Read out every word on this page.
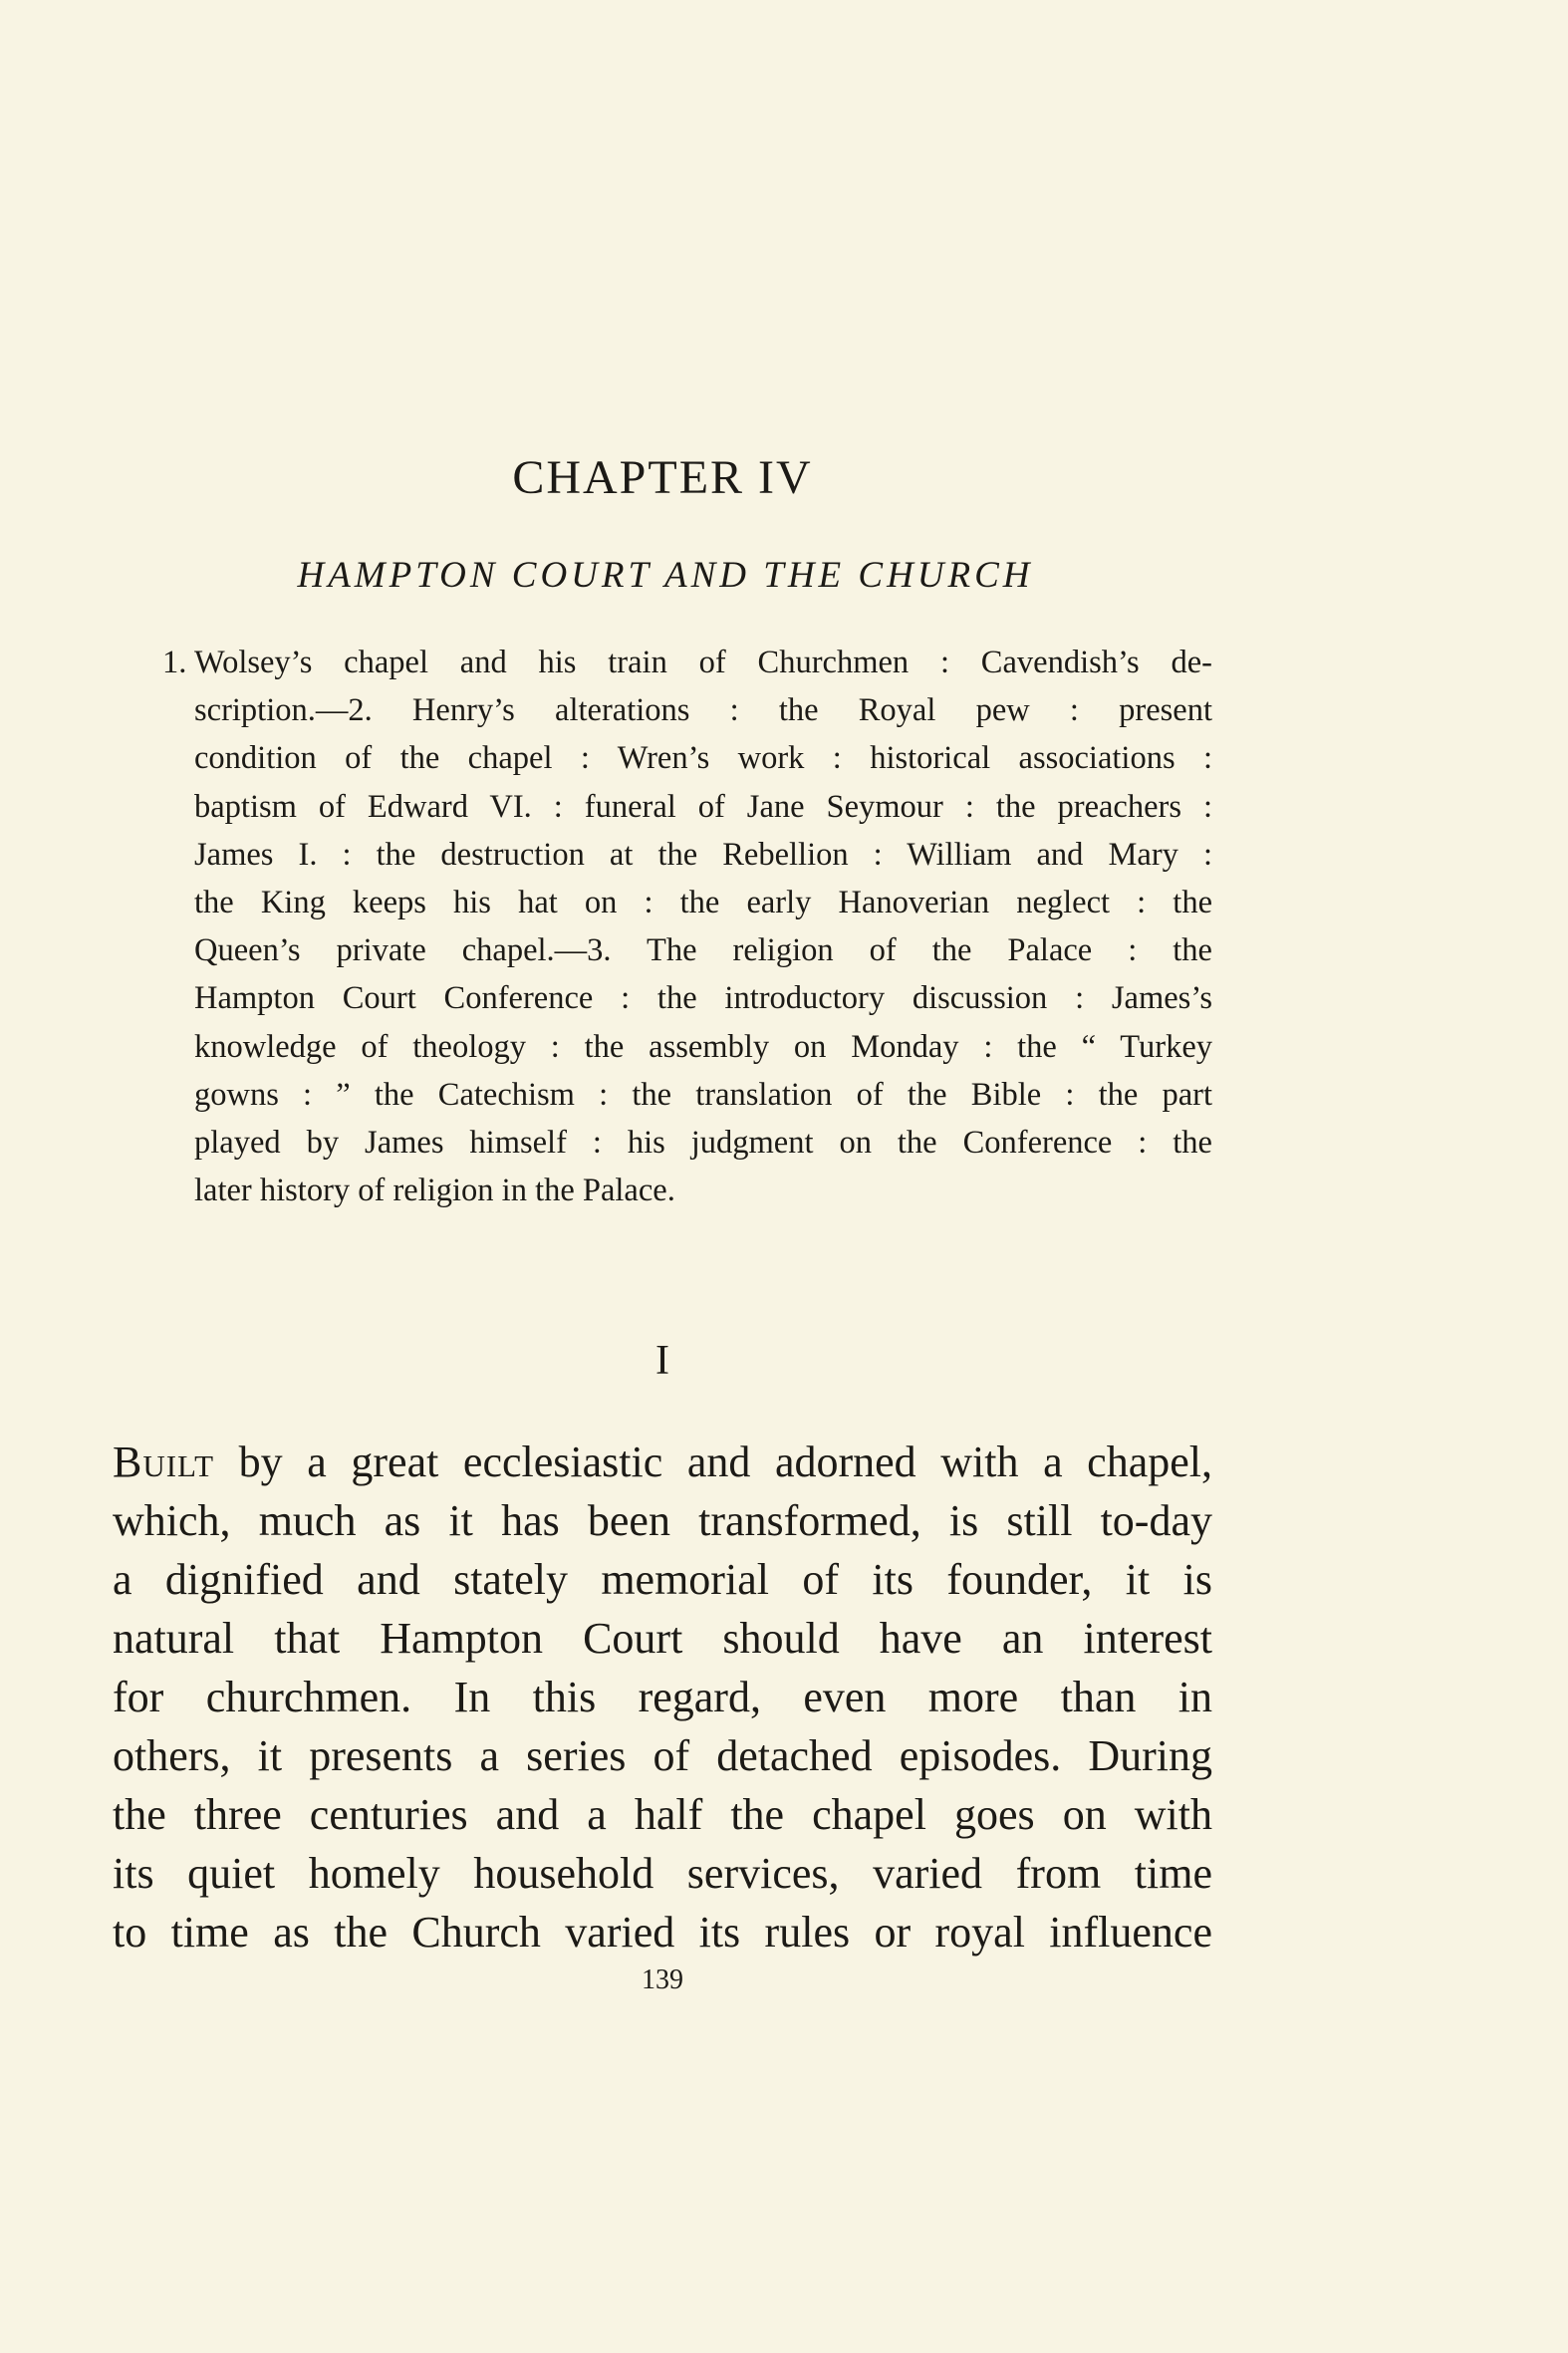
CHAPTER IV
HAMPTON COURT AND THE CHURCH
1. Wolsey’s chapel and his train of Churchmen : Cavendish’s de-
scription.—2. Henry’s alterations : the Royal pew : present
condition of the chapel : Wren’s work : historical associations :
baptism of Edward VI. : funeral of Jane Seymour : the preachers :
James I. : the destruction at the Rebellion : William and Mary :
the King keeps his hat on : the early Hanoverian neglect : the
Queen’s private chapel.—3. The religion of the Palace : the
Hampton Court Conference : the introductory discussion : James’s
knowledge of theology : the assembly on Monday : the “ Turkey
gowns : ” the Catechism : the translation of the Bible : the part
played by James himself : his judgment on the Conference : the
later history of religion in the Palace.
I
Built by a great ecclesiastic and adorned with a chapel,
which, much as it has been transformed, is still to-day
a dignified and stately memorial of its founder, it is
natural that Hampton Court should have an interest
for churchmen. In this regard, even more than in
others, it presents a series of detached episodes. During
the three centuries and a half the chapel goes on with
its quiet homely household services, varied from time
to time as the Church varied its rules or royal influence
139
